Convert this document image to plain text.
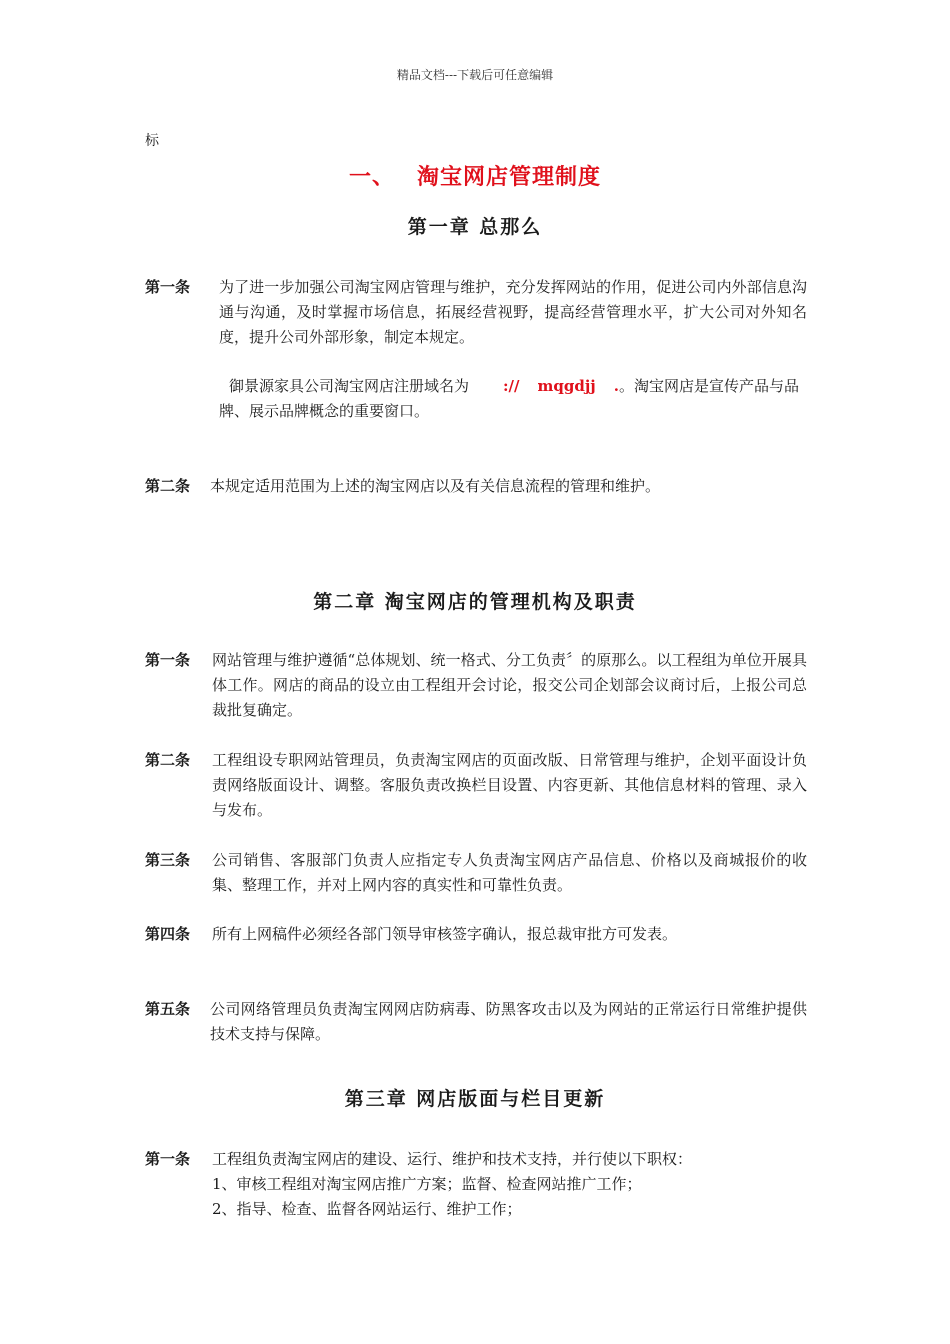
精品文档---下载后可任意编辑
标
一、 淘宝网店管理制度
第一章 总那么
第一条 为了进一步加强公司淘宝网店管理与维护，充分发挥网站的作用，促进公司内外部信息沟通与沟通，及时掌握市场信息，拓展经营视野，提高经营管理水平，扩大公司对外知名度，提升公司外部形象，制定本规定。
御景源家具公司淘宝网店注册域名为 :// mqgdjj .。淘宝网店是宣传产品与品牌、展示品牌概念的重要窗口。
第二条 本规定适用范围为上述的淘宝网店以及有关信息流程的管理和维护。
第二章 淘宝网店的管理机构及职责
第一条 网站管理与维护遵循“总体规划、统一格式、分工负责〞的原那么。以工程组为单位开展具体工作。网店的商品的设立由工程组开会讨论，报交公司企划部会议商讨后，上报公司总裁批复确定。
第二条 工程组设专职网站管理员，负责淘宝网店的页面改版、日常管理与维护，企划平面设计负责网络版面设计、调整。客服负责改换栏目设置、内容更新、其他信息材料的管理、录入与发布。
第三条 公司销售、客服部门负责人应指定专人负责淘宝网店产品信息、价格以及商城报价的收集、整理工作，并对上网内容的真实性和可靠性负责。
第四条 所有上网稿件必须经各部门领导审核签字确认，报总裁审批方可发表。
第五条 公司网络管理员负责淘宝网网店防病毒、防黑客攻击以及为网站的正常运行日常维护提供技术支持与保障。
第三章 网店版面与栏目更新
第一条 工程组负责淘宝网店的建设、运行、维护和技术支持，并行使以下职权：
1、审核工程组对淘宝网店推广方案；监督、检查网站推广工作；
2、指导、检查、监督各网站运行、维护工作；
